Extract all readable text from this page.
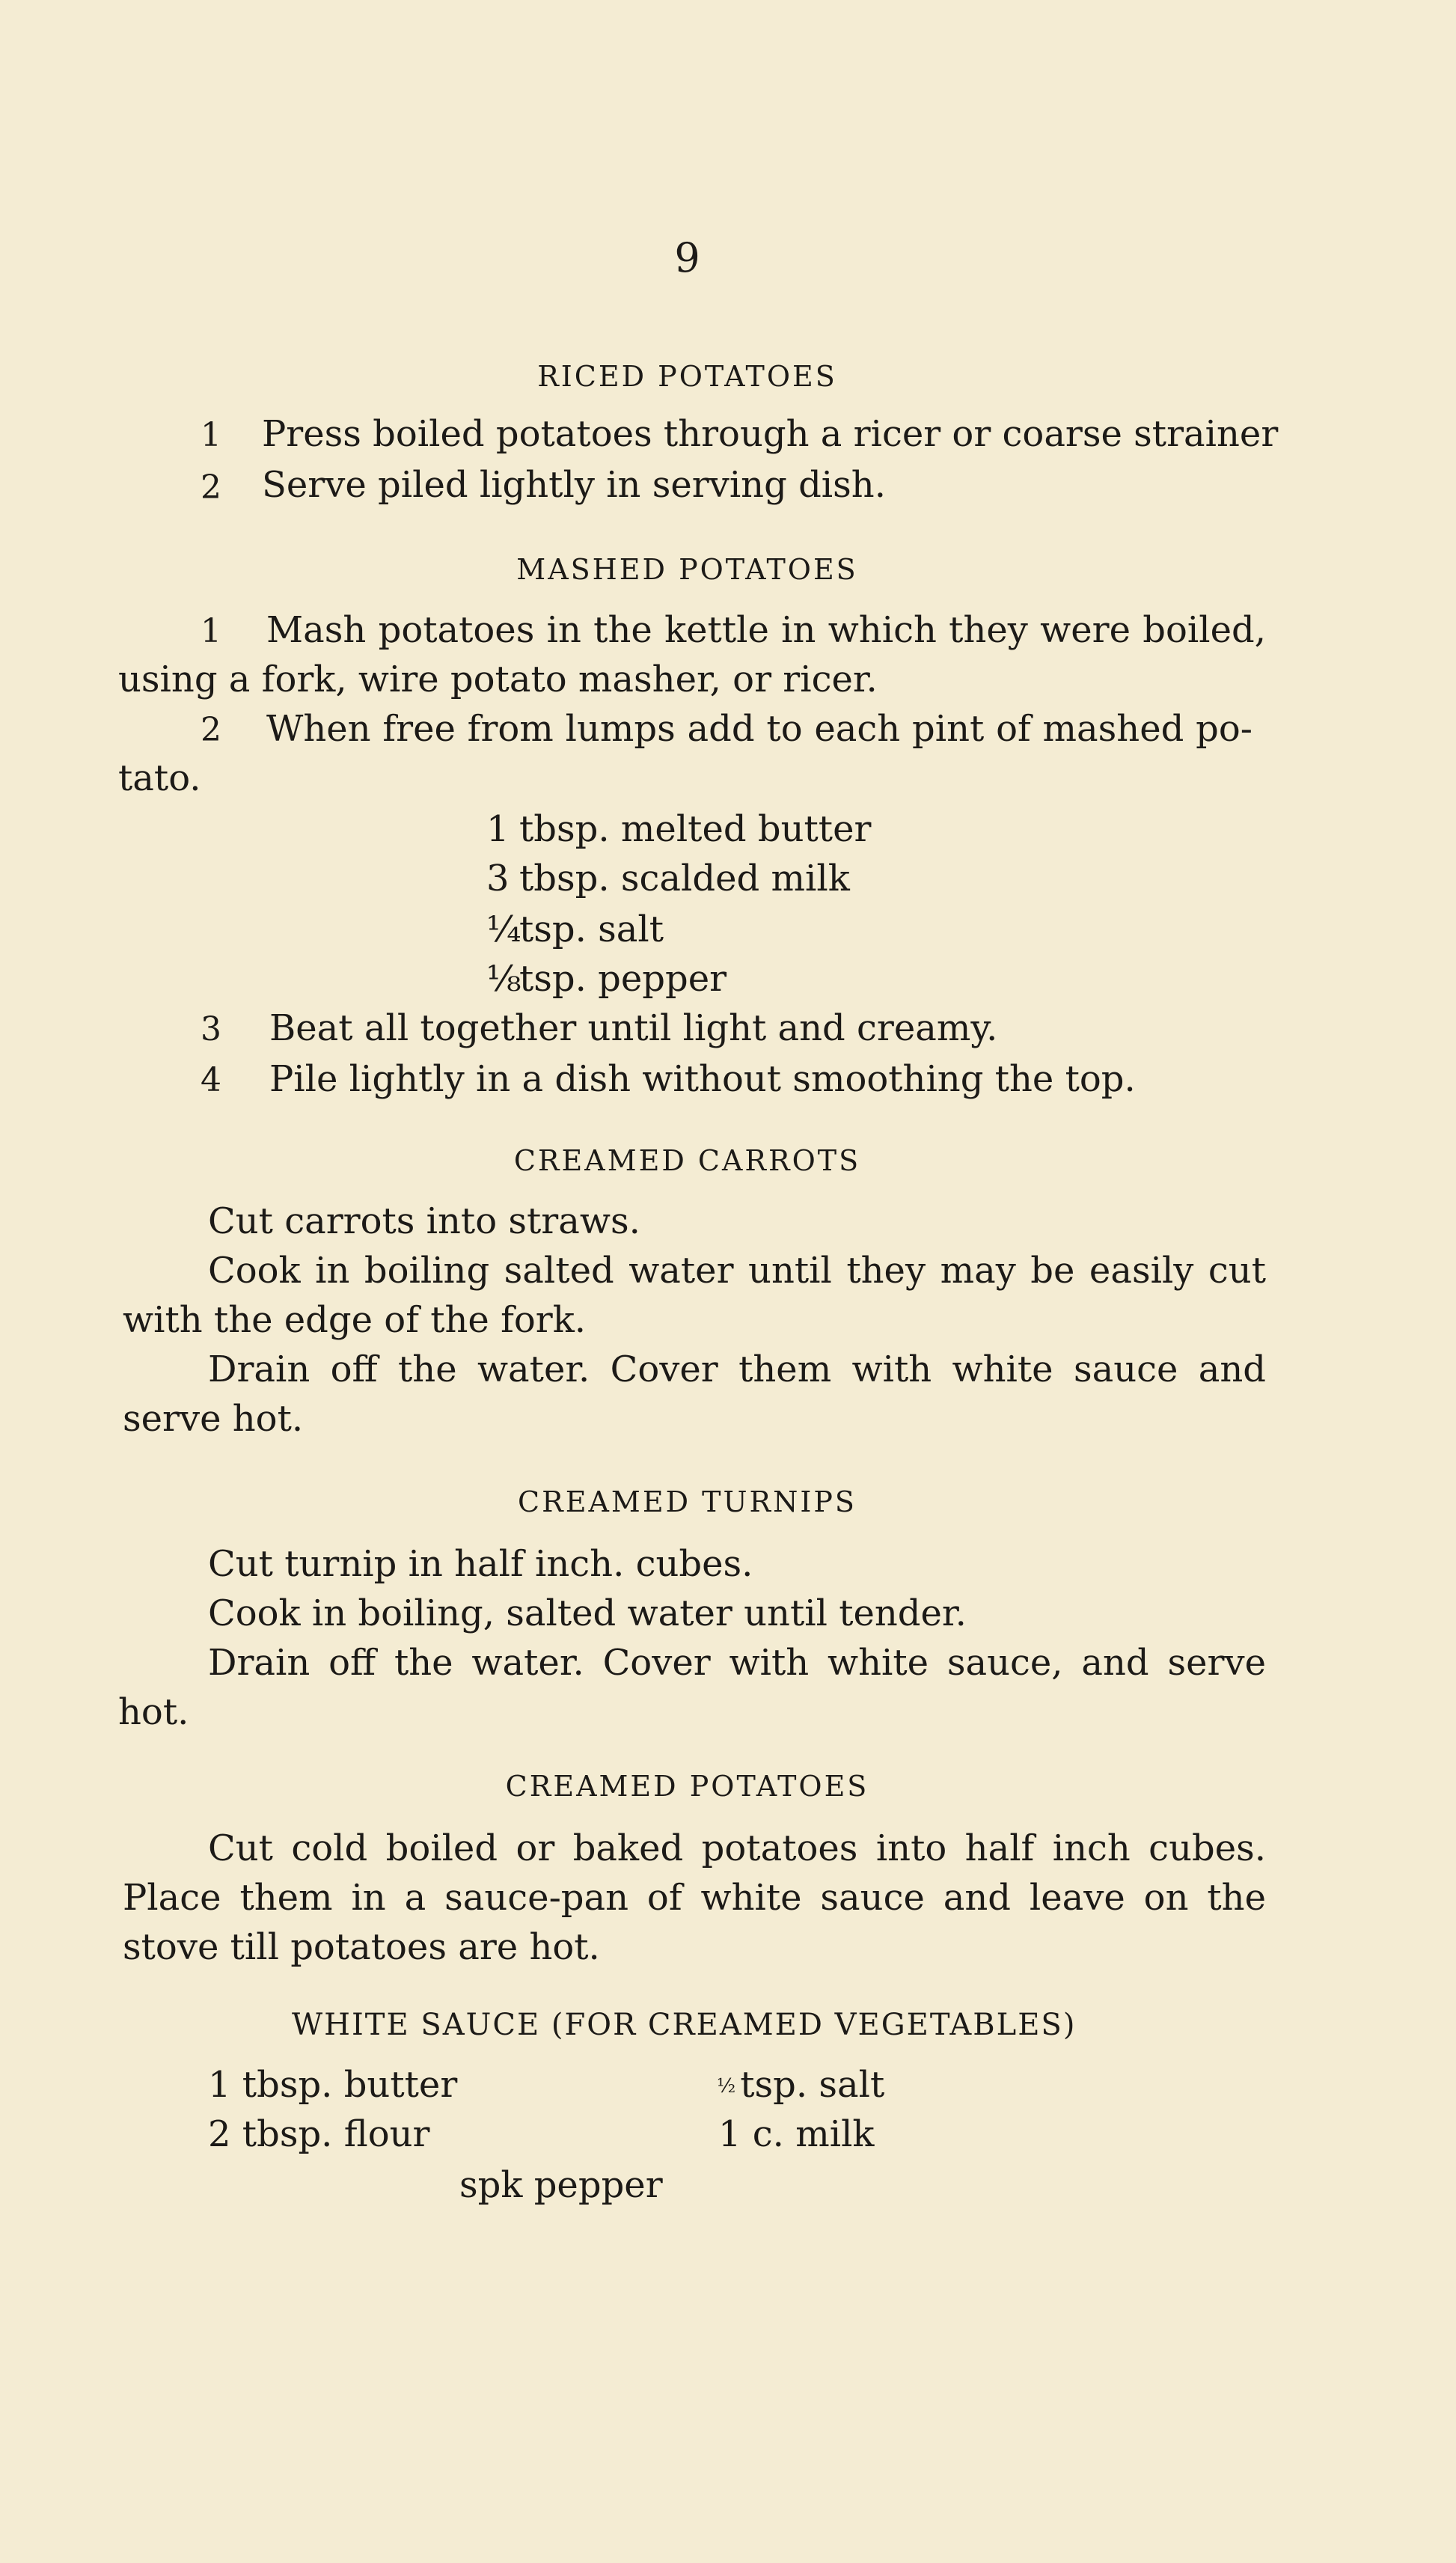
9
RICED POTATOES
1 Press boiled potatoes through a ricer or coarse strainer
2 Serve piled lightly in serving dish.
MASHED POTATOES
1 Mash potatoes in the kettle in which they were boiled,
using a fork, wire potato masher, or ricer.
2 When free from lumps add to each pint of mashed po-
tato.
1 tbsp. melted butter
3 tbsp. scalded milk
¼
tsp. salt
⅛
tsp. pepper
3 Beat all together until light and creamy.
4 Pile lightly in a dish without smoothing the top.
CREAMED CARROTS
Cut carrots into straws.
Cook in boiling salted water until they may be easily cut
with the edge of the fork.
Drain off the water. Cover them with white sauce and
serve hot.
CREAMED TURNIPS
Cut turnip in half inch. cubes.
Cook in boiling, salted water until tender.
Drain off the water. Cover with white sauce, and serve
hot.
CREAMED POTATOES
Cut cold boiled or baked potatoes into half inch cubes.
Place them in a sauce-pan of white sauce and leave on the
stove till potatoes are hot.
WHITE SAUCE (FOR CREAMED VEGETABLES)
1 tbsp. butter
2 tbsp. flour
½ tsp. salt
1 c. milk
spk pepper
